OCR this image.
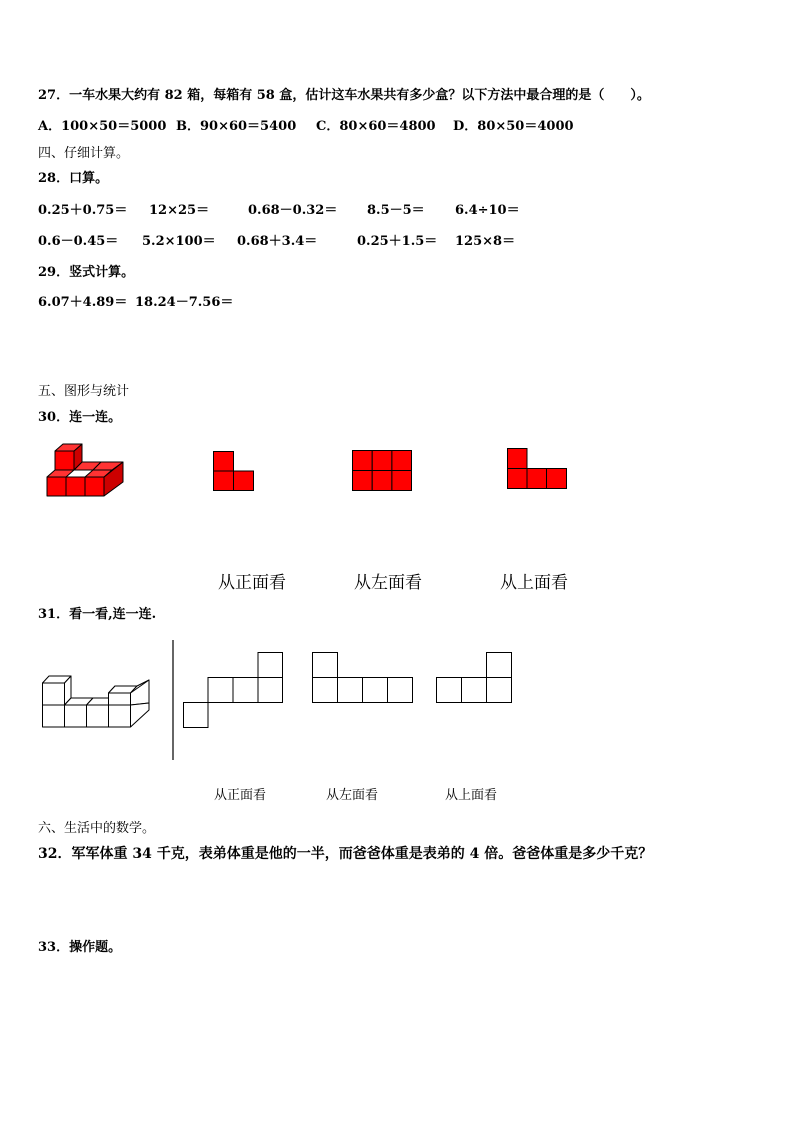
27．一车水果大约有 82 箱，每箱有 58 盒，估计这车水果共有多少盒？以下方法中最合理的是（　　）。
A．100×50＝5000 B．90×60＝5400 C．80×60＝4800 D．80×50＝4000
四、仔细计算。
28．口算。
0.25＋0.75＝ 12×25＝	0.68－0.32＝ 8.5－5＝ 6.4÷10＝
0.6－0.45＝ 5.2×100＝ 0.68＋3.4＝	0.25＋1.5＝ 125×8＝
29．竖式计算。
6.07＋4.89＝ 18.24－7.56＝
五、图形与统计
30．连一连。
从正面看	从左面看	从上面看
31．看一看,连一连.
从正面看	从左面看	从上面看
六、生活中的数学。
32．军军体重 34 千克，表弟体重是他的一半，而爸爸体重是表弟的 4 倍。爸爸体重是多少千克？
33．操作题。
